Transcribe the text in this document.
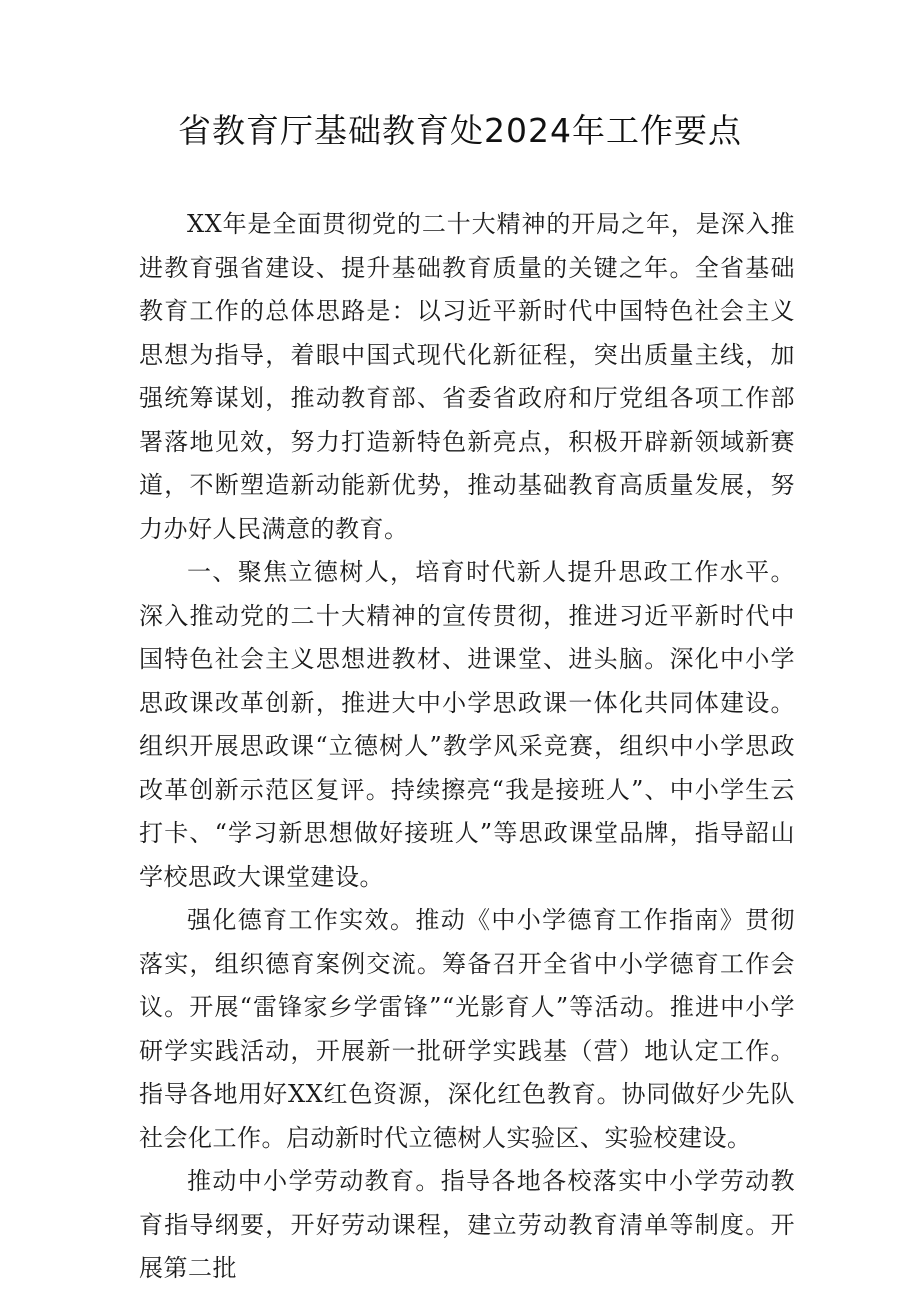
省教育厅基础教育处2024年工作要点

XX年是全面贯彻党的二十大精神的开局之年，是深入推进教育强省建设、提升基础教育质量的关键之年。全省基础教育工作的总体思路是：以习近平新时代中国特色社会主义思想为指导，着眼中国式现代化新征程，突出质量主线，加强统筹谋划，推动教育部、省委省政府和厅党组各项工作部署落地见效，努力打造新特色新亮点，积极开辟新领域新赛道，不断塑造新动能新优势，推动基础教育高质量发展，努力办好人民满意的教育。

一、聚焦立德树人，培育时代新人提升思政工作水平。深入推动党的二十大精神的宣传贯彻，推进习近平新时代中国特色社会主义思想进教材、进课堂、进头脑。深化中小学思政课改革创新，推进大中小学思政课一体化共同体建设。组织开展思政课“立德树人”教学风采竞赛，组织中小学思政改革创新示范区复评。持续擦亮“我是接班人”、中小学生云打卡、“学习新思想做好接班人”等思政课堂品牌，指导韶山学校思政大课堂建设。

强化德育工作实效。推动《中小学德育工作指南》贯彻落实，组织德育案例交流。筹备召开全省中小学德育工作会议。开展“雷锋家乡学雷锋”“光影育人”等活动。推进中小学研学实践活动，开展新一批研学实践基（营）地认定工作。指导各地用好XX红色资源，深化红色教育。协同做好少先队社会化工作。启动新时代立德树人实验区、实验校建设。

推动中小学劳动教育。指导各地各校落实中小学劳动教育指导纲要，开好劳动课程，建立劳动教育清单等制度。开展第二批
